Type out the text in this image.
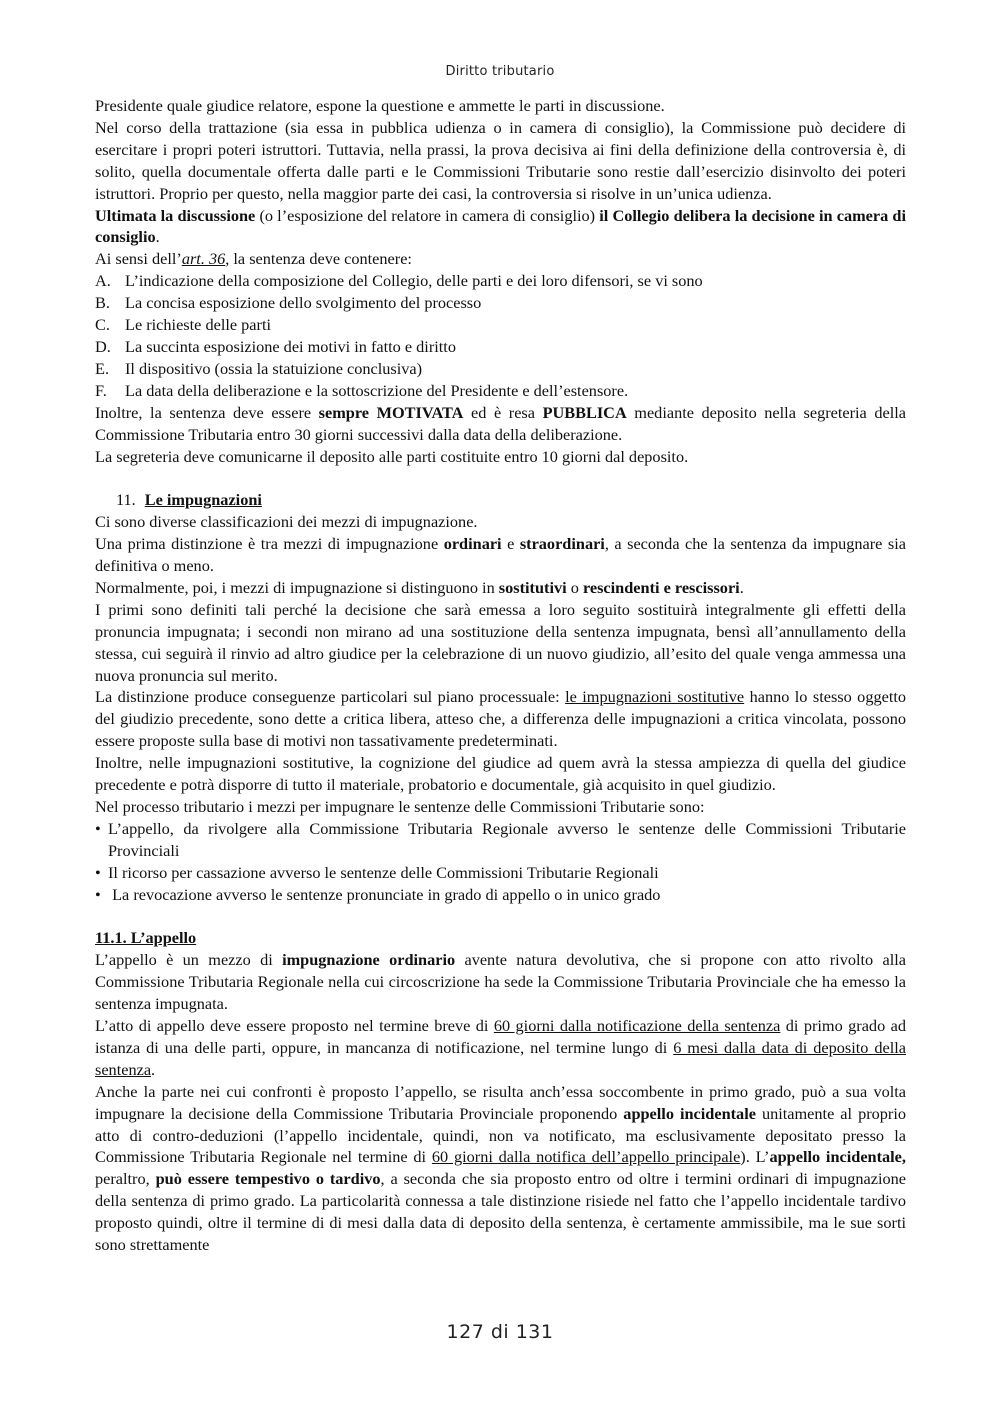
Diritto tributario

Presidente quale giudice relatore, espone la questione e ammette le parti in discussione.

Nel corso della trattazione (sia essa in pubblica udienza o in camera di consiglio), la Commissione può decidere di esercitare i propri poteri istruttori. Tuttavia, nella prassi, la prova decisiva ai fini della definizione della controversia è, di solito, quella documentale offerta dalle parti e le Commissioni Tributarie sono restie dall’esercizio disinvolto dei poteri istruttori. Proprio per questo, nella maggior parte dei casi, la controversia si risolve in un’unica udienza.

Ultimata la discussione (o l’esposizione del relatore in camera di consiglio) il Collegio delibera la decisione in camera di consiglio.

Ai sensi dell’art. 36, la sentenza deve contenere:

A. L’indicazione della composizione del Collegio, delle parti e dei loro difensori, se vi sono
B. La concisa esposizione dello svolgimento del processo
C. Le richieste delle parti
D. La succinta esposizione dei motivi in fatto e diritto
E. Il dispositivo (ossia la statuizione conclusiva)
F.	La data della deliberazione e la sottoscrizione del Presidente e dell’estensore.

Inoltre, la sentenza deve essere sempre MOTIVATA ed è resa PUBBLICA mediante deposito nella segreteria della Commissione Tributaria entro 30 giorni successivi dalla data della deliberazione.

La segreteria deve comunicarne il deposito alle parti costituite entro 10 giorni dal deposito.

11. Le impugnazioni

Ci sono diverse classificazioni dei mezzi di impugnazione.

Una prima distinzione è tra mezzi di impugnazione ordinari e straordinari, a seconda che la sentenza da impugnare sia definitiva o meno.

Normalmente, poi, i mezzi di impugnazione si distinguono in sostitutivi o rescindenti e rescissori.

I primi sono definiti tali perché la decisione che sarà emessa a loro seguito sostituirà integralmente gli effetti della pronuncia impugnata; i secondi non mirano ad una sostituzione della sentenza impugnata, bensì all’annullamento della stessa, cui seguirà il rinvio ad altro giudice per la celebrazione di un nuovo giudizio, all’esito del quale venga ammessa una nuova pronuncia sul merito.

La distinzione produce conseguenze particolari sul piano processuale: le impugnazioni sostitutive hanno lo stesso oggetto del giudizio precedente, sono dette a critica libera, atteso che, a differenza delle impugnazioni a critica vincolata, possono essere proposte sulla base di motivi non tassativamente predeterminati.

Inoltre, nelle impugnazioni sostitutive, la cognizione del giudice ad quem avrà la stessa ampiezza di quella del giudice precedente e potrà disporre di tutto il materiale, probatorio e documentale, già acquisito in quel giudizio.

Nel processo tributario i mezzi per impugnare le sentenze delle Commissioni Tributarie sono:

• L’appello, da rivolgere alla Commissione Tributaria Regionale avverso le sentenze delle Commissioni Tributarie Provinciali
• Il ricorso per cassazione avverso le sentenze delle Commissioni Tributarie Regionali
• La revocazione avverso le sentenze pronunciate in grado di appello o in unico grado

11.1. L’appello

L’appello è un mezzo di impugnazione ordinario avente natura devolutiva, che si propone con atto rivolto alla Commissione Tributaria Regionale nella cui circoscrizione ha sede la Commissione Tributaria Provinciale che ha emesso la sentenza impugnata.

L’atto di appello deve essere proposto nel termine breve di 60 giorni dalla notificazione della sentenza di primo grado ad istanza di una delle parti, oppure, in mancanza di notificazione, nel termine lungo di 6 mesi dalla data di deposito della sentenza.

Anche la parte nei cui confronti è proposto l’appello, se risulta anch’essa soccombente in primo grado, può a sua volta impugnare la decisione della Commissione Tributaria Provinciale proponendo appello incidentale unitamente al proprio atto di contro-deduzioni (l’appello incidentale, quindi, non va notificato, ma esclusivamente depositato presso la Commissione Tributaria Regionale nel termine di 60 giorni dalla notifica dell’appello principale). L’appello incidentale, peraltro, può essere tempestivo o tardivo, a seconda che sia proposto entro od oltre i termini ordinari di impugnazione della sentenza di primo grado. La particolarità connessa a tale distinzione risiede nel fatto che l’appello incidentale tardivo proposto quindi, oltre il termine di di mesi dalla data di deposito della sentenza, è certamente ammissibile, ma le sue sorti sono strettamente

127 di 131
